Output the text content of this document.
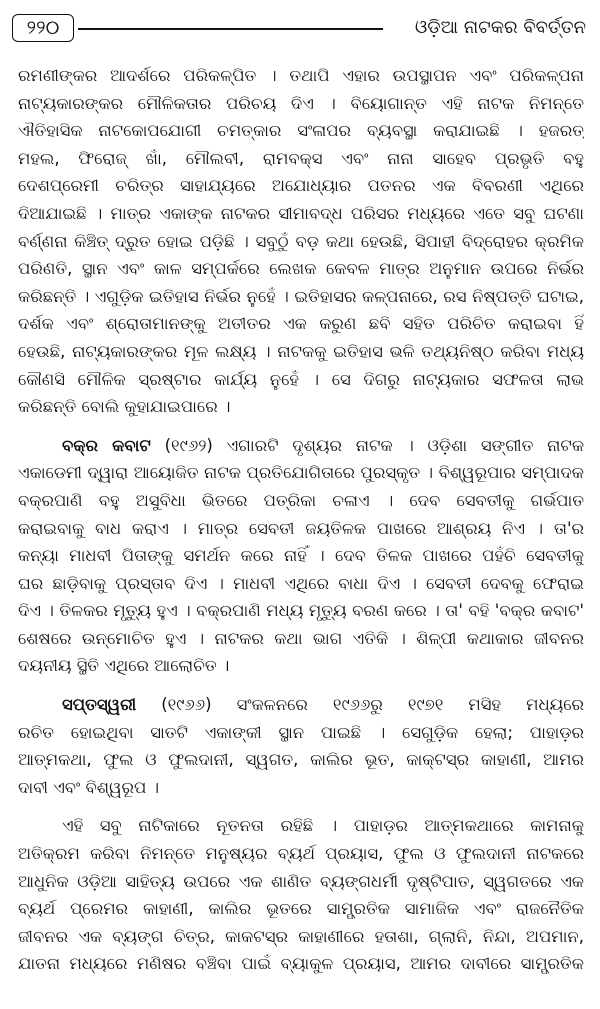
୨୨୦	ଓଡ଼ିଆ ନାଟକର ବିବର୍ତ୍ତନ
ରମଣୀଙ୍କର ଆଦର୍ଶରେ ପରିକଳ୍ପିତ । ତଥାପି ଏହାର ଉପସ୍ଥାପନ ଏବଂ ପରିକଳ୍ପନା
ନାଟ୍ୟକାରଙ୍କର ମୌଳିକତାର ପରିଚୟ ଦିଏ । ବିୟୋଗାନ୍ତ ଏହି ନାଟକ ନିମନ୍ତେ
ଐତିହାସିକ ନାଟକୋପଯୋଗୀ ଚମତ୍କାର ସଂଳାପର ବ୍ୟବସ୍ଥା କରାଯାଇଛି । ହଜରତ୍
ମହଲ, ଫିରୋଜ୍ ଖାଁ, ମୌଲବୀ, ରାମବକ୍ସ ଏବଂ ନାନା ସାହେବ ପ୍ରଭୃତି ବହୁ
ଦେଶପ୍ରେମୀ ଚରିତ୍ର ସାହାଯ୍ୟରେ ଅଯୋଧ୍ୟାର ପତନର ଏକ ବିବରଣୀ ଏଥିରେ
ଦିଆଯାଇଛି । ମାତ୍ର ଏକାଙ୍କ ନାଟକର ସୀମାବଦ୍ଧ ପରିସର ମଧ୍ୟରେ ଏତେ ସବୁ ଘଟଣା
ବର୍ଣ୍ଣନା କିଞ୍ଚିତ୍ ଦ୍ରୁତ ହୋଇ ପଡ଼ିଛି । ସବୁଠୁଁ ବଡ଼ କଥା ହେଉଛି, ସିପାହୀ ବିଦ୍ରୋହର କ୍ରମିକ
ପରିଣତି, ସ୍ଥାନ ଏବଂ କାଳ ସମ୍ପର୍କରେ ଲେଖକ କେବଳ ମାତ୍ର ଅନୁମାନ ଉପରେ ନିର୍ଭର
କରିଛନ୍ତି । ଏଗୁଡ଼ିକ ଇତିହାସ ନିର୍ଭର ନୁହେଁ । ଇତିହାସର କଳ୍ପନାରେ, ରସ ନିଷ୍ପତ୍ତି ଘଟାଇ,
ଦର୍ଶକ ଏବଂ ଶ୍ରୋତାମାନଙ୍କୁ ଅତୀତର ଏକ କରୁଣ ଛବି ସହିତ ପରିଚିତ କରାଇବା ହିଁ
ହେଉଛି, ନାଟ୍ୟକାରଙ୍କର ମୂଳ ଲକ୍ଷ୍ୟ । ନାଟକକୁ ଇତିହାସ ଭଳି ତଥ୍ୟନିଷ୍ଠ କରିବା ମଧ୍ୟ
କୌଣସି ମୌଳିକ ସ୍ରଷ୍ଟାର କାର୍ଯ୍ୟ ନୁହେଁ । ସେ ଦିଗରୁ ନାଟ୍ୟକାର ସଫଳତା ଲାଭ
କରିଛନ୍ତି ବୋଲି କୁହାଯାଇପାରେ ।
ବକ୍ର କବାଟ (୧୯୬୨) ଏଗାରଟି ଦୃଶ୍ୟର ନାଟକ । ଓଡ଼ିଶା ସଙ୍ଗୀତ ନାଟକ
ଏକାଡେମୀ ଦ୍ୱାରା ଆୟୋଜିତ ନାଟକ ପ୍ରତିଯୋଗିତାରେ ପୁରସ୍କୃତ । ବିଶ୍ୱରୂପାର ସମ୍ପାଦକ
ବକ୍ରପାଣି ବହୁ ଅସୁବିଧା ଭିତରେ ପତ୍ରିକା ଚଳାଏ । ଦେବ ସେବତୀକୁ ଗର୍ଭପାତ
କରାଇବାକୁ ବାଧ କରାଏ । ମାତ୍ର ସେବତୀ ଜୟତିଳକ ପାଖରେ ଆଶ୍ରୟ ନିଏ । ତା'ର
କନ୍ୟା ମାଧବୀ ପିତାଙ୍କୁ ସମର୍ଥନ କରେ ନାହିଁ । ଦେବ ତିଳକ ପାଖରେ ପହଁଚି ସେବତୀକୁ
ଘର ଛାଡ଼ିବାକୁ ପ୍ରସ୍ତାବ ଦିଏ । ମାଧବୀ ଏଥିରେ ବାଧା ଦିଏ । ସେବତୀ ଦେବକୁ ଫେରାଇ
ଦିଏ । ତିଳକର ମୃତ୍ୟୁ ହୁଏ । ବକ୍ରପାଣି ମଧ୍ୟ ମୃତ୍ୟୁ ବରଣ କରେ । ତା' ବହି 'ବକ୍ର କବାଟ'
ଶେଷରେ ଉନ୍ମୋଚିତ ହୁଏ । ନାଟକର କଥା ଭାଗ ଏତିକି । ଶିଳ୍ପୀ କଥାକାର ଜୀବନର
ଦୟନୀୟ ସ୍ଥିତି ଏଥିରେ ଆଲୋଚିତ ।
ସପ୍ତସ୍ୱରୀ (୧୯୬୬) ସଂକଳନରେ ୧୯୬୬ରୁ ୧୯୭୧ ମସିହ ମଧ୍ୟରେ
ରଚିତ ହୋଇଥିବା ସାତଟି ଏକାଙ୍କୀ ସ୍ଥାନ ପାଇଛି । ସେଗୁଡ଼ିକ ହେଲା; ପାହାଡ଼ର
ଆତ୍ମକଥା, ଫୁଲ ଓ ଫୁଲଦାନୀ, ସ୍ୱଗତ, କାଲିର ଭୂତ, କାକ୍‌ଟସ୍‌ର କାହାଣୀ, ଆମର
ଦାବୀ ଏବଂ ବିଶ୍ୱରୂପ ।
ଏହି ସବୁ ନାଟିକାରେ ନୂତନତା ରହିଛି । ପାହାଡ଼ର ଆତ୍ମକଥାରେ କାମନାକୁ
ଅତିକ୍ରମ କରିବା ନିମନ୍ତେ ମନୁଷ୍ୟର ବ୍ୟର୍ଥ ପ୍ରୟାସ, ଫୁଲ ଓ ଫୁଲଦାନୀ ନାଟକରେ
ଆଧୁନିକ ଓଡ଼ିଆ ସାହିତ୍ୟ ଉପରେ ଏକ ଶାଣିତ ବ୍ୟଙ୍ଗଧର୍ମୀ ଦୃଷ୍ଟିପାତ, ସ୍ୱଗତରେ ଏକ
ବ୍ୟର୍ଥ ପ୍ରେମର କାହାଣୀ, କାଲିର ଭୂତରେ ସାମ୍ପ୍ରତିକ ସାମାଜିକ ଏବଂ ରାଜନୈତିକ
ଜୀବନର ଏକ ବ୍ୟଙ୍ଗ ଚିତ୍ର, କାକଟସ୍‌ର କାହାଣୀରେ ହତାଶା, ଗ୍ଲାନି, ନିନ୍ଦା, ଅପମାନ,
ଯାତନା ମଧ୍ୟରେ ମଣିଷର ବଞ୍ଚିବା ପାଇଁ ବ୍ୟାକୁଳ ପ୍ରୟାସ, ଆମର ଦାବୀରେ ସାମ୍ପ୍ରତିକ
